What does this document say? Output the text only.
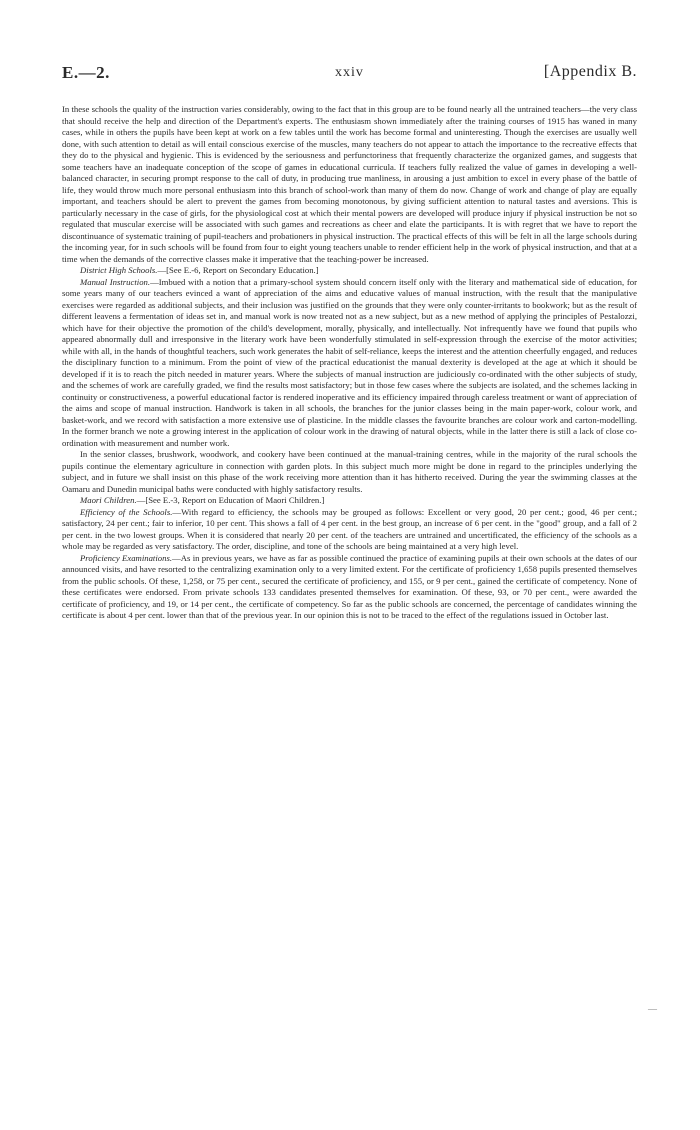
E.—2.	xxiv	[Appendix B.

In these schools the quality of the instruction varies considerably, owing to the fact that in this group are to be found nearly all the untrained teachers—the very class that should receive the help and direction of the Department's experts. The enthusiasm shown immediately after the training courses of 1915 has waned in many cases, while in others the pupils have been kept at work on a few tables until the work has become formal and uninteresting. Though the exercises are usually well done, with such attention to detail as will entail conscious exercise of the muscles, many teachers do not appear to attach the importance to the recreative effects that they do to the physical and hygienic. This is evidenced by the seriousness and perfunctoriness that frequently characterize the organized games, and suggests that some teachers have an inadequate conception of the scope of games in educational curricula. If teachers fully realized the value of games in developing a well-balanced character, in securing prompt response to the call of duty, in producing true manliness, in arousing a just ambition to excel in every phase of the battle of life, they would throw much more personal enthusiasm into this branch of school-work than many of them do now. Change of work and change of play are equally important, and teachers should be alert to prevent the games from becoming monotonous, by giving sufficient attention to natural tastes and aversions. This is particularly necessary in the case of girls, for the physiological cost at which their mental powers are developed will produce injury if physical instruction be not so regulated that muscular exercise will be associated with such games and recreations as cheer and elate the participants. It is with regret that we have to report the discontinuance of systematic training of pupil-teachers and probationers in physical instruction. The practical effects of this will be felt in all the large schools during the incoming year, for in such schools will be found from four to eight young teachers unable to render efficient help in the work of physical instruction, and that at a time when the demands of the corrective classes make it imperative that the teaching-power be increased.

District High Schools.—[See E.-6, Report on Secondary Education.]

Manual Instruction.—Imbued with a notion that a primary-school system should concern itself only with the literary and mathematical side of education, for some years many of our teachers evinced a want of appreciation of the aims and educative values of manual instruction, with the result that the manipulative exercises were regarded as additional subjects, and their inclusion was justified on the grounds that they were only counter-irritants to bookwork; but as the result of different leavens a fermentation of ideas set in, and manual work is now treated not as a new subject, but as a new method of applying the principles of Pestalozzi, which have for their objective the promotion of the child's development, morally, physically, and intellectually. Not infrequently have we found that pupils who appeared abnormally dull and irresponsive in the literary work have been wonderfully stimulated in self-expression through the exercise of the motor activities; while with all, in the hands of thoughtful teachers, such work generates the habit of self-reliance, keeps the interest and the attention cheerfully engaged, and reduces the disciplinary function to a minimum. From the point of view of the practical educationist the manual dexterity is developed at the age at which it should be developed if it is to reach the pitch needed in maturer years. Where the subjects of manual instruction are judiciously co-ordinated with the other subjects of study, and the schemes of work are carefully graded, we find the results most satisfactory; but in those few cases where the subjects are isolated, and the schemes lacking in continuity or constructiveness, a powerful educational factor is rendered inoperative and its efficiency impaired through careless treatment or want of appreciation of the aims and scope of manual instruction. Handwork is taken in all schools, the branches for the junior classes being in the main paper-work, colour work, and basket-work, and we record with satisfaction a more extensive use of plasticine. In the middle classes the favourite branches are colour work and carton-modelling. In the former branch we note a growing interest in the application of colour work in the drawing of natural objects, while in the latter there is still a lack of close co-ordination with measurement and number work.

In the senior classes, brushwork, woodwork, and cookery have been continued at the manual-training centres, while in the majority of the rural schools the pupils continue the elementary agriculture in connection with garden plots. In this subject much more might be done in regard to the principles underlying the subject, and in future we shall insist on this phase of the work receiving more attention than it has hitherto received. During the year the swimming classes at the Oamaru and Dunedin municipal baths were conducted with highly satisfactory results.

Maori Children.—[See E.-3, Report on Education of Maori Children.]

Efficiency of the Schools.—With regard to efficiency, the schools may be grouped as follows: Excellent or very good, 20 per cent.; good, 46 per cent.; satisfactory, 24 per cent.; fair to inferior, 10 per cent. This shows a fall of 4 per cent. in the best group, an increase of 6 per cent. in the "good" group, and a fall of 2 per cent. in the two lowest groups. When it is considered that nearly 20 per cent. of the teachers are untrained and uncertificated, the efficiency of the schools as a whole may be regarded as very satisfactory. The order, discipline, and tone of the schools are being maintained at a very high level.

Proficiency Examinations.—As in previous years, we have as far as possible continued the practice of examining pupils at their own schools at the dates of our announced visits, and have resorted to the centralizing examination only to a very limited extent. For the certificate of proficiency 1,658 pupils presented themselves from the public schools. Of these, 1,258, or 75 per cent., secured the certificate of proficiency, and 155, or 9 per cent., gained the certificate of competency. None of these certificates were endorsed. From private schools 133 candidates presented themselves for examination. Of these, 93, or 70 per cent., were awarded the certificate of proficiency, and 19, or 14 per cent., the certificate of competency. So far as the public schools are concerned, the percentage of candidates winning the certificate is about 4 per cent. lower than that of the previous year. In our opinion this is not to be traced to the effect of the regulations issued in October last.

—
